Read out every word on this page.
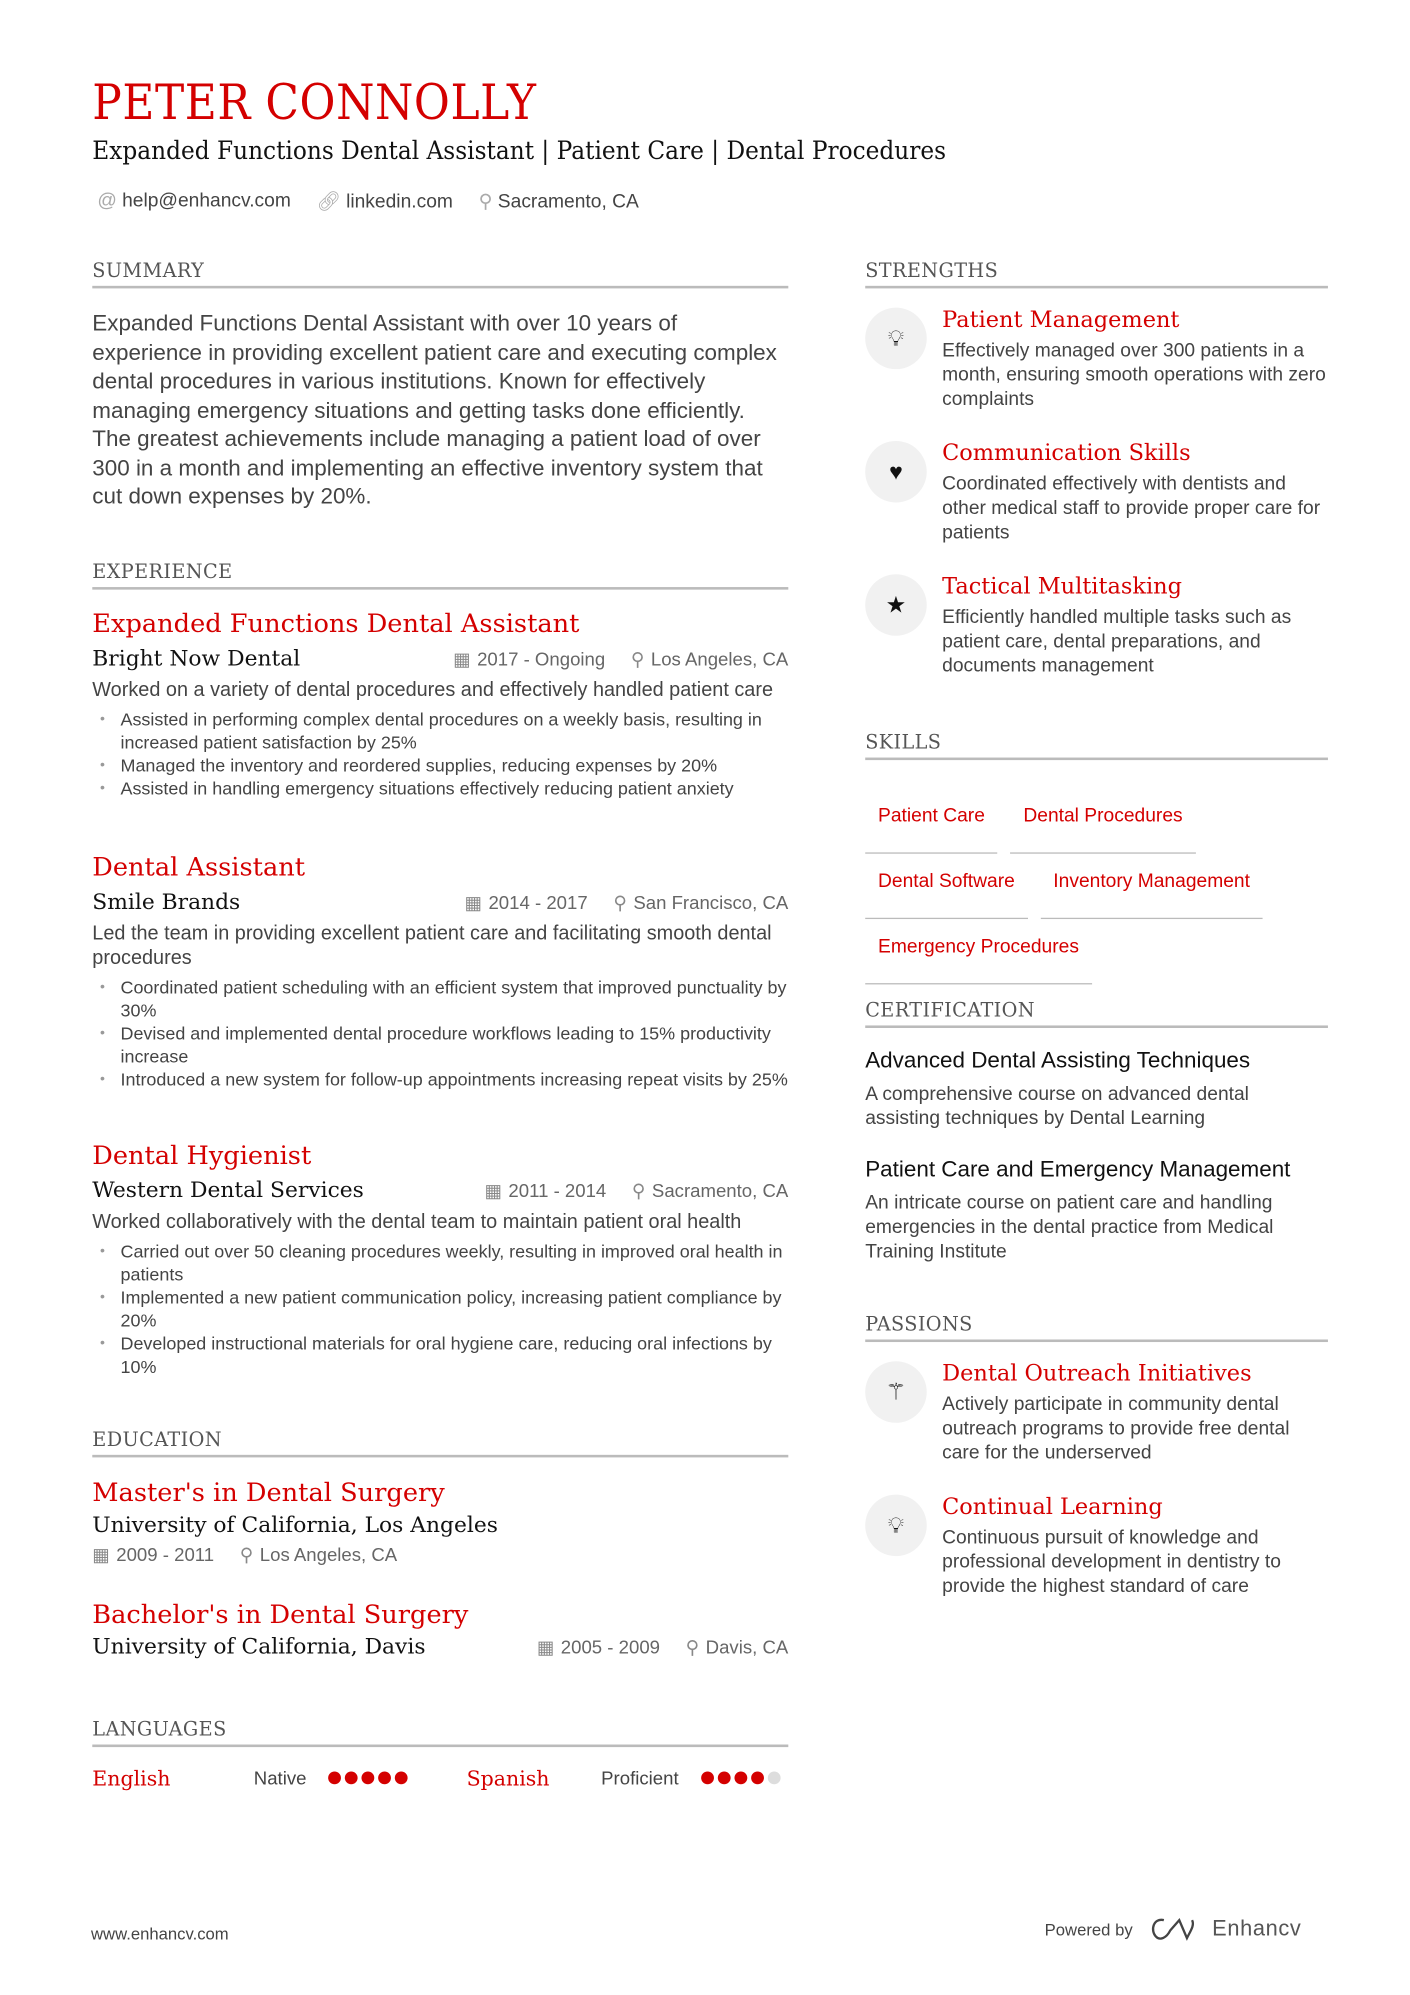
PETER CONNOLLY
Expanded Functions Dental Assistant | Patient Care | Dental Procedures
@ help@enhancv.com 🔗︎ linkedin.com ⚲ Sacramento, CA
SUMMARY
Expanded Functions Dental Assistant with over 10 years of experience in providing excellent patient care and executing complex dental procedures in various institutions. Known for effectively managing emergency situations and getting tasks done efficiently. The greatest achievements include managing a patient load of over 300 in a month and implementing an effective inventory system that cut down expenses by 20%.
EXPERIENCE
Expanded Functions Dental Assistant
Bright Now Dental	▦ 2017 - Ongoing ⚲ Los Angeles, CA
Worked on a variety of dental procedures and effectively handled patient care
• Assisted in performing complex dental procedures on a weekly basis, resulting in increased patient satisfaction by 25%
• Managed the inventory and reordered supplies, reducing expenses by 20%
• Assisted in handling emergency situations effectively reducing patient anxiety
Dental Assistant
Smile Brands	▦ 2014 - 2017 ⚲ San Francisco, CA
Led the team in providing excellent patient care and facilitating smooth dental procedures
• Coordinated patient scheduling with an efficient system that improved punctuality by 30%
• Devised and implemented dental procedure workflows leading to 15% productivity increase
• Introduced a new system for follow-up appointments increasing repeat visits by 25%
Dental Hygienist
Western Dental Services	▦ 2011 - 2014 ⚲ Sacramento, CA
Worked collaboratively with the dental team to maintain patient oral health
• Carried out over 50 cleaning procedures weekly, resulting in improved oral health in patients
• Implemented a new patient communication policy, increasing patient compliance by 20%
• Developed instructional materials for oral hygiene care, reducing oral infections by 10%
EDUCATION
Master's in Dental Surgery
University of California, Los Angeles
▦ 2009 - 2011 ⚲ Los Angeles, CA
Bachelor's in Dental Surgery
University of California, Davis	▦ 2005 - 2009 ⚲ Davis, CA
LANGUAGES
English	Native	Spanish	Proficient
STRENGTHS
💡︎
Patient Management
Effectively managed over 300 patients in a month, ensuring smooth operations with zero complaints
♥
Communication Skills
Coordinated effectively with dentists and other medical staff to provide proper care for patients
★
Tactical Multitasking
Efficiently handled multiple tasks such as patient care, dental preparations, and documents management
SKILLS
Patient Care	Dental Procedures
Dental Software	Inventory Management
Emergency Procedures
CERTIFICATION
Advanced Dental Assisting Techniques
A comprehensive course on advanced dental assisting techniques by Dental Learning
Patient Care and Emergency Management
An intricate course on patient care and handling emergencies in the dental practice from Medical Training Institute
PASSIONS
⚚
Dental Outreach Initiatives
Actively participate in community dental outreach programs to provide free dental care for the underserved
💡︎
Continual Learning
Continuous pursuit of knowledge and professional development in dentistry to provide the highest standard of care
www.enhancv.com	Powered by	Enhancv
